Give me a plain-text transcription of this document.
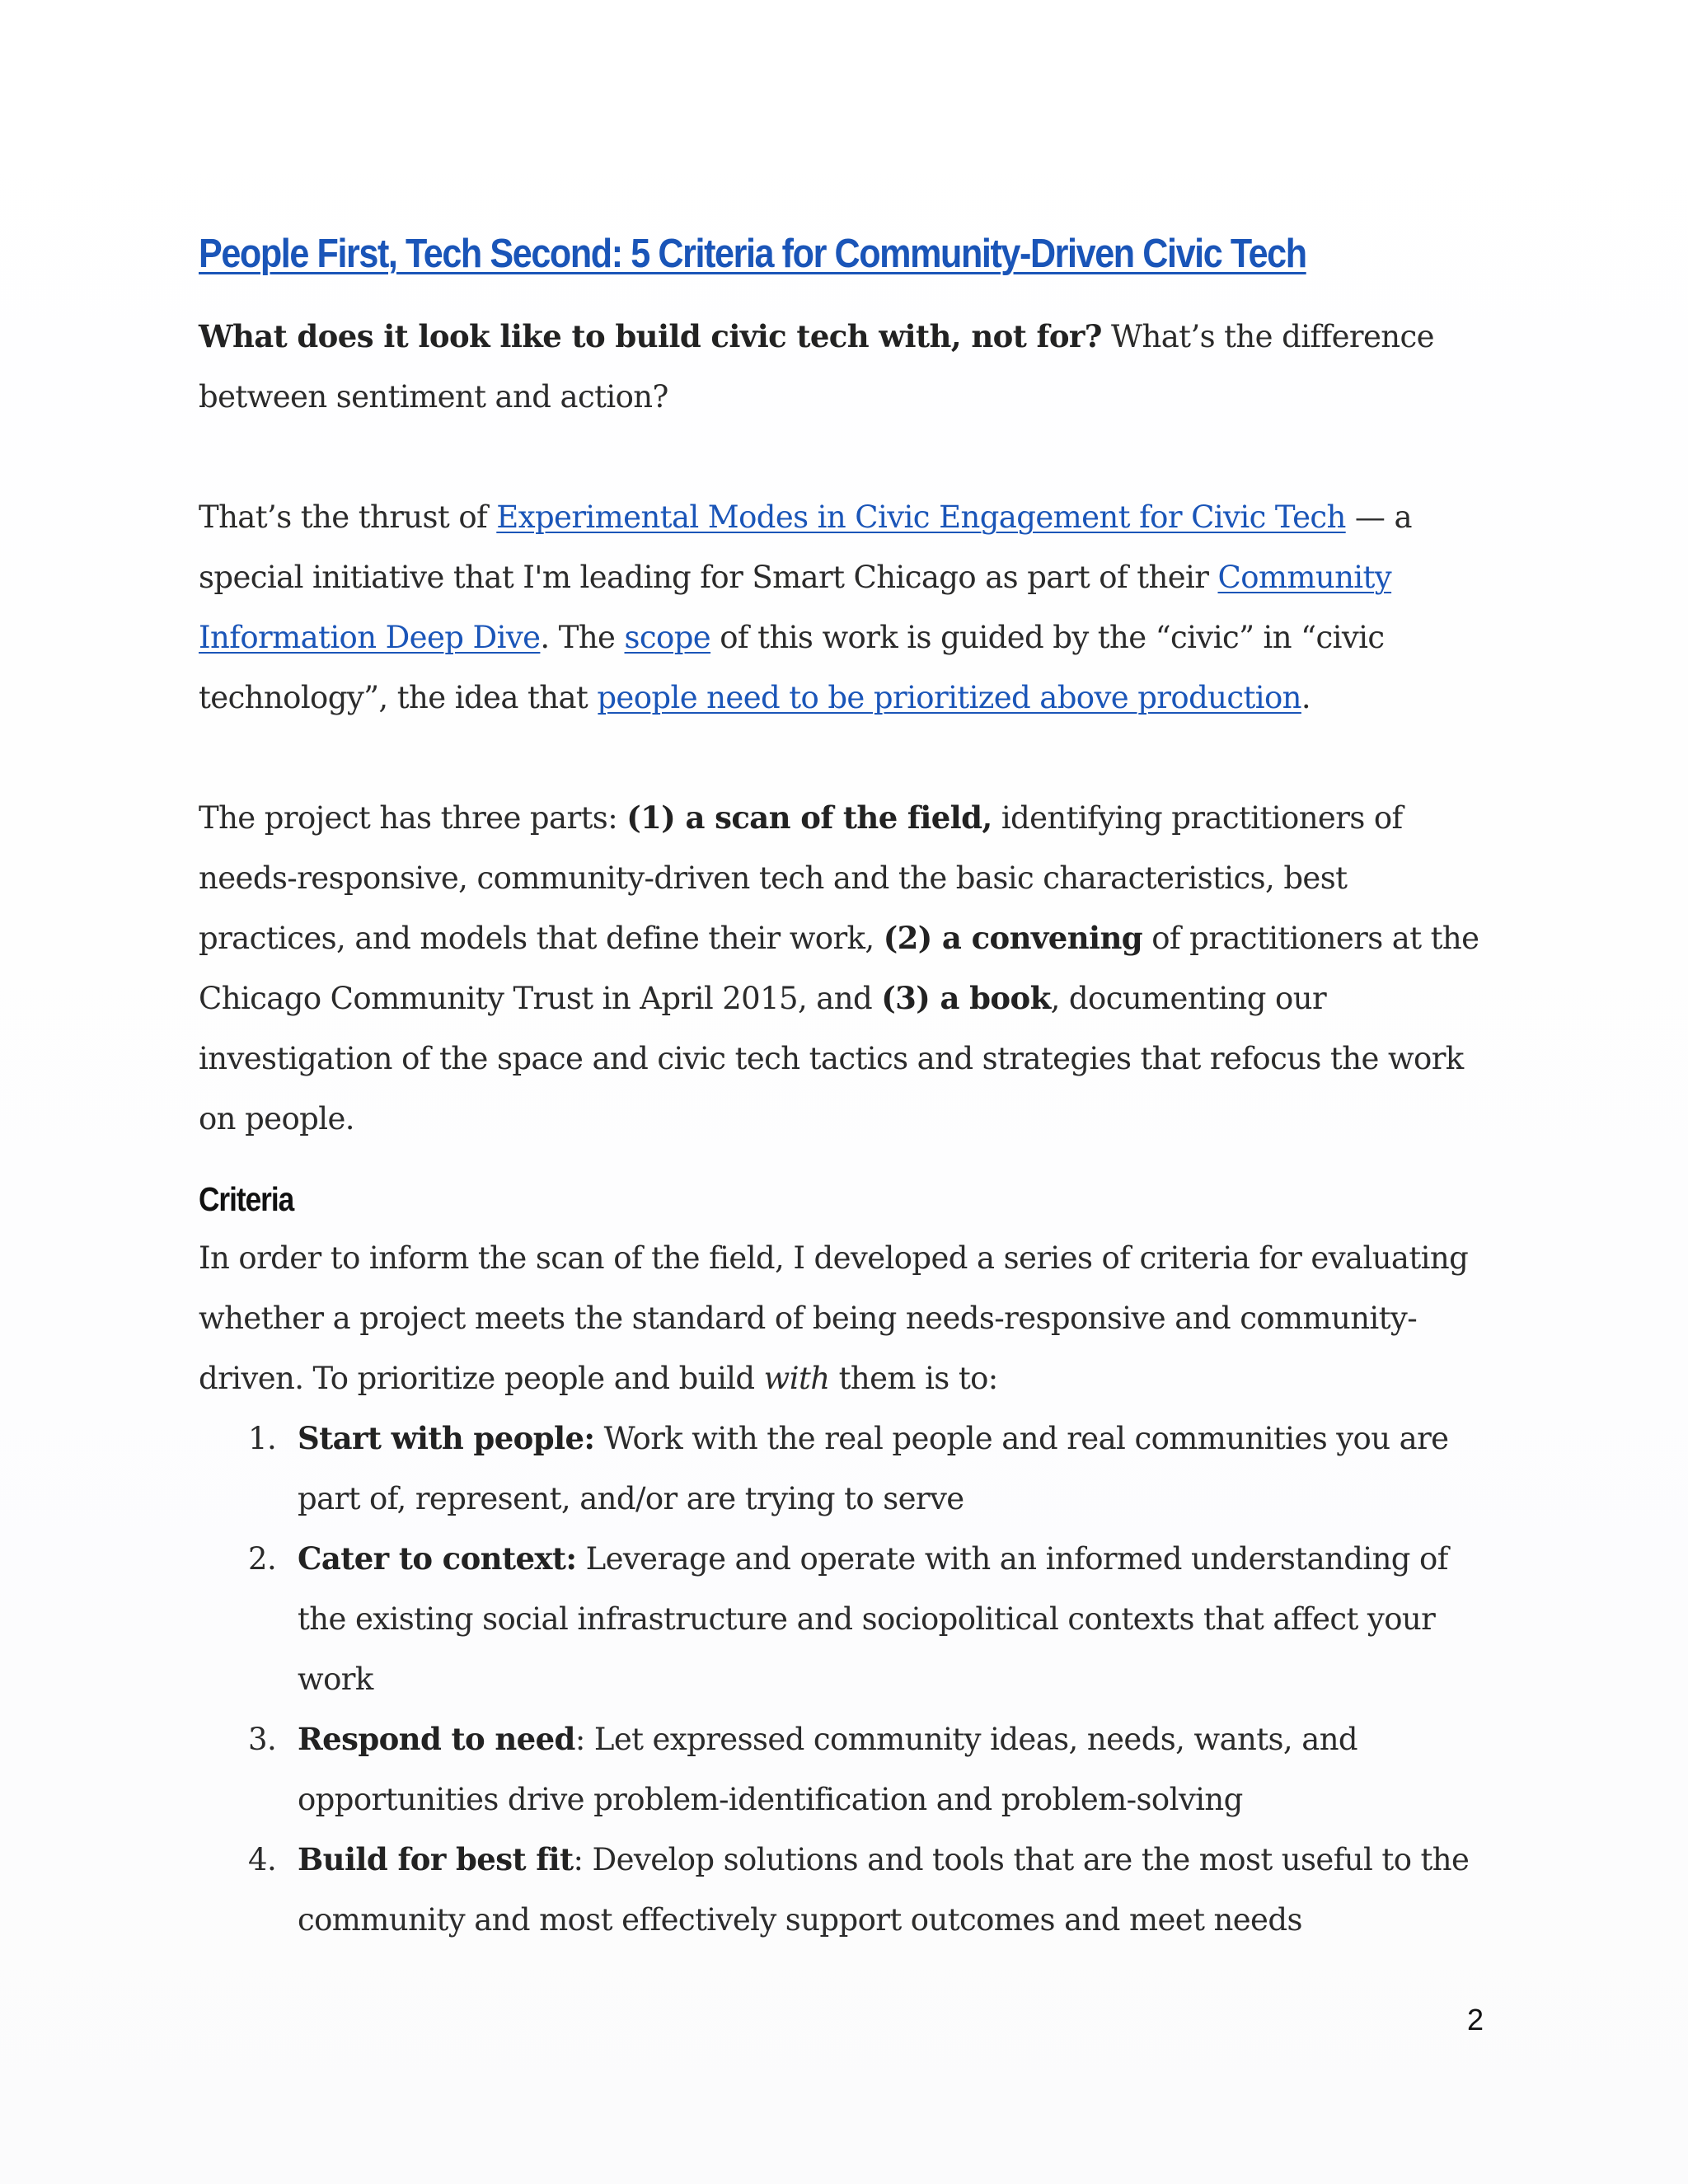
People First, Tech Second: 5 Criteria for Community-Driven Civic Tech

What does it look like to build civic tech with, not for? What’s the difference between sentiment and action?

That’s the thrust of Experimental Modes in Civic Engagement for Civic Tech — a special initiative that I'm leading for Smart Chicago as part of their Community Information Deep Dive. The scope of this work is guided by the “civic” in “civic technology”, the idea that people need to be prioritized above production.

The project has three parts: (1) a scan of the field, identifying practitioners of needs-responsive, community-driven tech and the basic characteristics, best practices, and models that define their work, (2) a convening of practitioners at the Chicago Community Trust in April 2015, and (3) a book, documenting our investigation of the space and civic tech tactics and strategies that refocus the work on people.

Criteria

In order to inform the scan of the field, I developed a series of criteria for evaluating whether a project meets the standard of being needs-responsive and community-driven. To prioritize people and build with them is to:

1. Start with people: Work with the real people and real communities you are part of, represent, and/or are trying to serve
2. Cater to context: Leverage and operate with an informed understanding of the existing social infrastructure and sociopolitical contexts that affect your work
3. Respond to need: Let expressed community ideas, needs, wants, and opportunities drive problem-identification and problem-solving
4. Build for best fit: Develop solutions and tools that are the most useful to the community and most effectively support outcomes and meet needs
2
